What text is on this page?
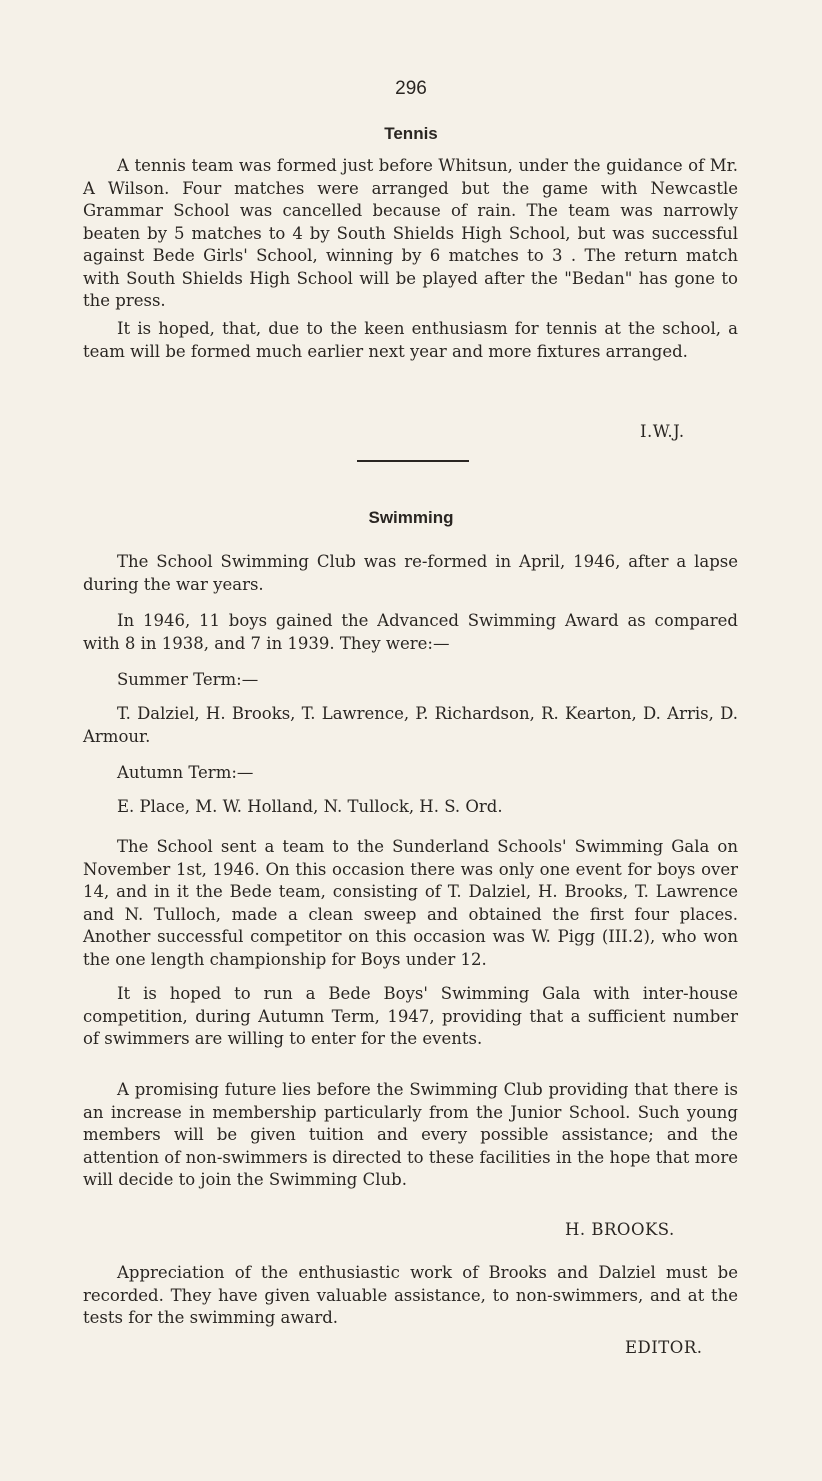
296
Tennis

A tennis team was formed just before Whitsun, under the guidance of Mr. A Wilson. Four matches were arranged but the game with Newcastle Grammar School was cancelled because of rain. The team was narrowly beaten by 5 matches to 4 by South Shields High School, but was successful against Bede Girls' School, winning by 6 matches to 3 . The return match with South Shields High School will be played after the "Bedan" has gone to the press.

It is hoped, that, due to the keen enthusiasm for tennis at the school, a team will be formed much earlier next year and more fixtures arranged.

I.W.J.
Swimming

The School Swimming Club was re-formed in April, 1946, after a lapse during the war years.

In 1946, 11 boys gained the Advanced Swimming Award as compared with 8 in 1938, and 7 in 1939. They were:—

Summer Term:—

T. Dalziel, H. Brooks, T. Lawrence, P. Richardson, R. Kearton, D. Arris, D. Armour.

Autumn Term:—

E. Place, M. W. Holland, N. Tullock, H. S. Ord.

The School sent a team to the Sunderland Schools' Swimming Gala on November 1st, 1946. On this occasion there was only one event for boys over 14, and in it the Bede team, consisting of T. Dalziel, H. Brooks, T. Lawrence and N. Tulloch, made a clean sweep and obtained the first four places. Another successful competitor on this occasion was W. Pigg (III.2), who won the one length championship for Boys under 12.

It is hoped to run a Bede Boys' Swimming Gala with inter-house competition, during Autumn Term, 1947, providing that a sufficient number of swimmers are willing to enter for the events.

A promising future lies before the Swimming Club providing that there is an increase in membership particularly from the Junior School. Such young members will be given tuition and every possible assistance; and the attention of non-swimmers is directed to these facilities in the hope that more will decide to join the Swimming Club.

H. BROOKS.

Appreciation of the enthusiastic work of Brooks and Dalziel must be recorded. They have given valuable assistance, to non-swimmers, and at the tests for the swimming award.

EDITOR.
